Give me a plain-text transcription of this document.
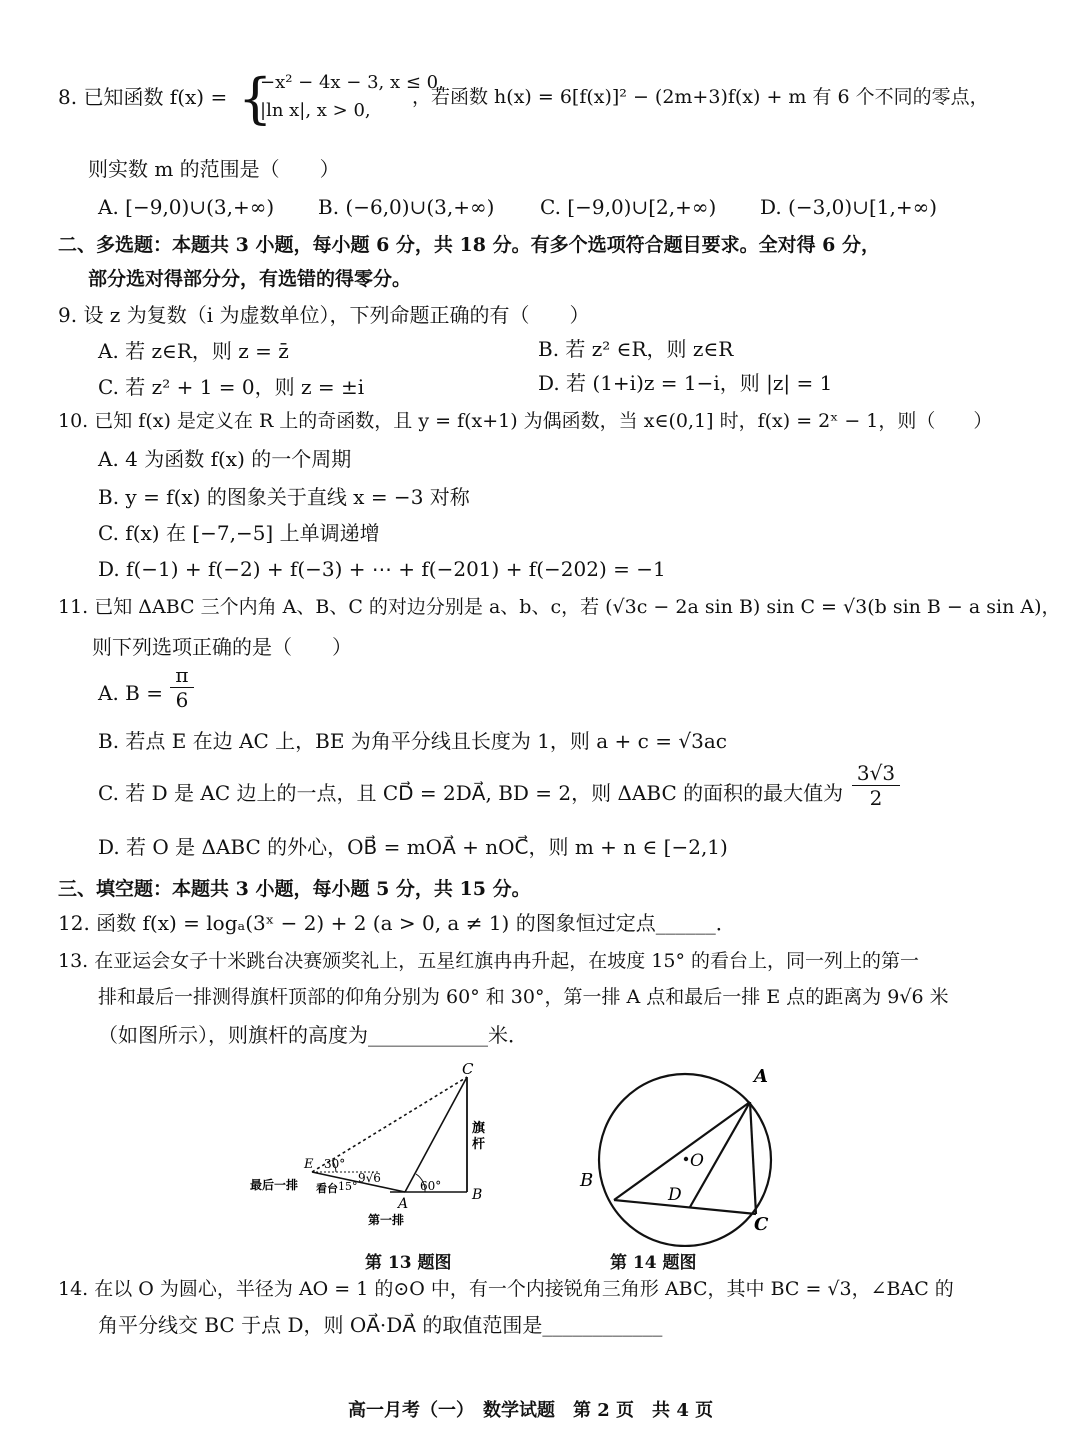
8. 已知函数 f(x) = {
−x² − 4x − 3, x ≤ 0,
|ln x|, x > 0,
，若函数 h(x) = 6[f(x)]² − (2m+3)f(x) + m 有 6 个不同的零点，
则实数 m 的范围是（　　）
A. [−9,0)∪(3,+∞) B. (−6,0)∪(3,+∞) C. [−9,0)∪[2,+∞) D. (−3,0)∪[1,+∞)
二、多选题：本题共 3 小题，每小题 6 分，共 18 分。有多个选项符合题目要求。全对得 6 分，
部分选对得部分分，有选错的得零分。
9. 设 z 为复数（i 为虚数单位），下列命题正确的有（　　）
A. 若 z∈R，则 z = z̄	B. 若 z² ∈R，则 z∈R
C. 若 z² + 1 = 0，则 z = ±i	D. 若 (1+i)z = 1−i，则 |z| = 1
10. 已知 f(x) 是定义在 R 上的奇函数，且 y = f(x+1) 为偶函数，当 x∈(0,1] 时，f(x) = 2ˣ − 1，则（　　）
A. 4 为函数 f(x) 的一个周期
B. y = f(x) 的图象关于直线 x = −3 对称
C. f(x) 在 [−7,−5] 上单调递增
D. f(−1) + f(−2) + f(−3) + ⋯ + f(−201) + f(−202) = −1
11. 已知 ΔABC 三个内角 A、B、C 的对边分别是 a、b、c，若 (√3c − 2a sin B) sin C = √3(b sin B − a sin A)，
则下列选项正确的是（　　）
A. B =
π
6
B. 若点 E 在边 AC 上，BE 为角平分线且长度为 1，则 a + c = √3ac
C. 若 D 是 AC 边上的一点，且 CD⃗ = 2DA⃗, BD = 2，则 ΔABC 的面积的最大值为
3√3
2
D. 若 O 是 ΔABC 的外心，OB⃗ = mOA⃗ + nOC⃗，则 m + n ∈ [−2,1)
三、填空题：本题共 3 小题，每小题 5 分，共 15 分。
12. 函数 f(x) = logₐ(3ˣ − 2) + 2 (a > 0, a ≠ 1) 的图象恒过定点______．
13. 在亚运会女子十米跳台决赛颁奖礼上，五星红旗冉冉升起，在坡度 15° 的看台上，同一列上的第一
排和最后一排测得旗杆顶部的仰角分别为 60° 和 30°，第一排 A 点和最后一排 E 点的距离为 9√6 米
（如图所示），则旗杆的高度为____________米．
C
B
A
E
旗
杆
30°
9√6
15°	60°
最后一排 看台
第一排
第 13 题图
A
B
C
D
O
第 14 题图
14. 在以 O 为圆心，半径为 AO = 1 的⊙O 中，有一个内接锐角三角形 ABC，其中 BC = √3，∠BAC 的
角平分线交 BC 于点 D，则 OA⃗·DA⃗ 的取值范围是____________
高一月考（一）　数学试题　第 2 页　共 4 页
